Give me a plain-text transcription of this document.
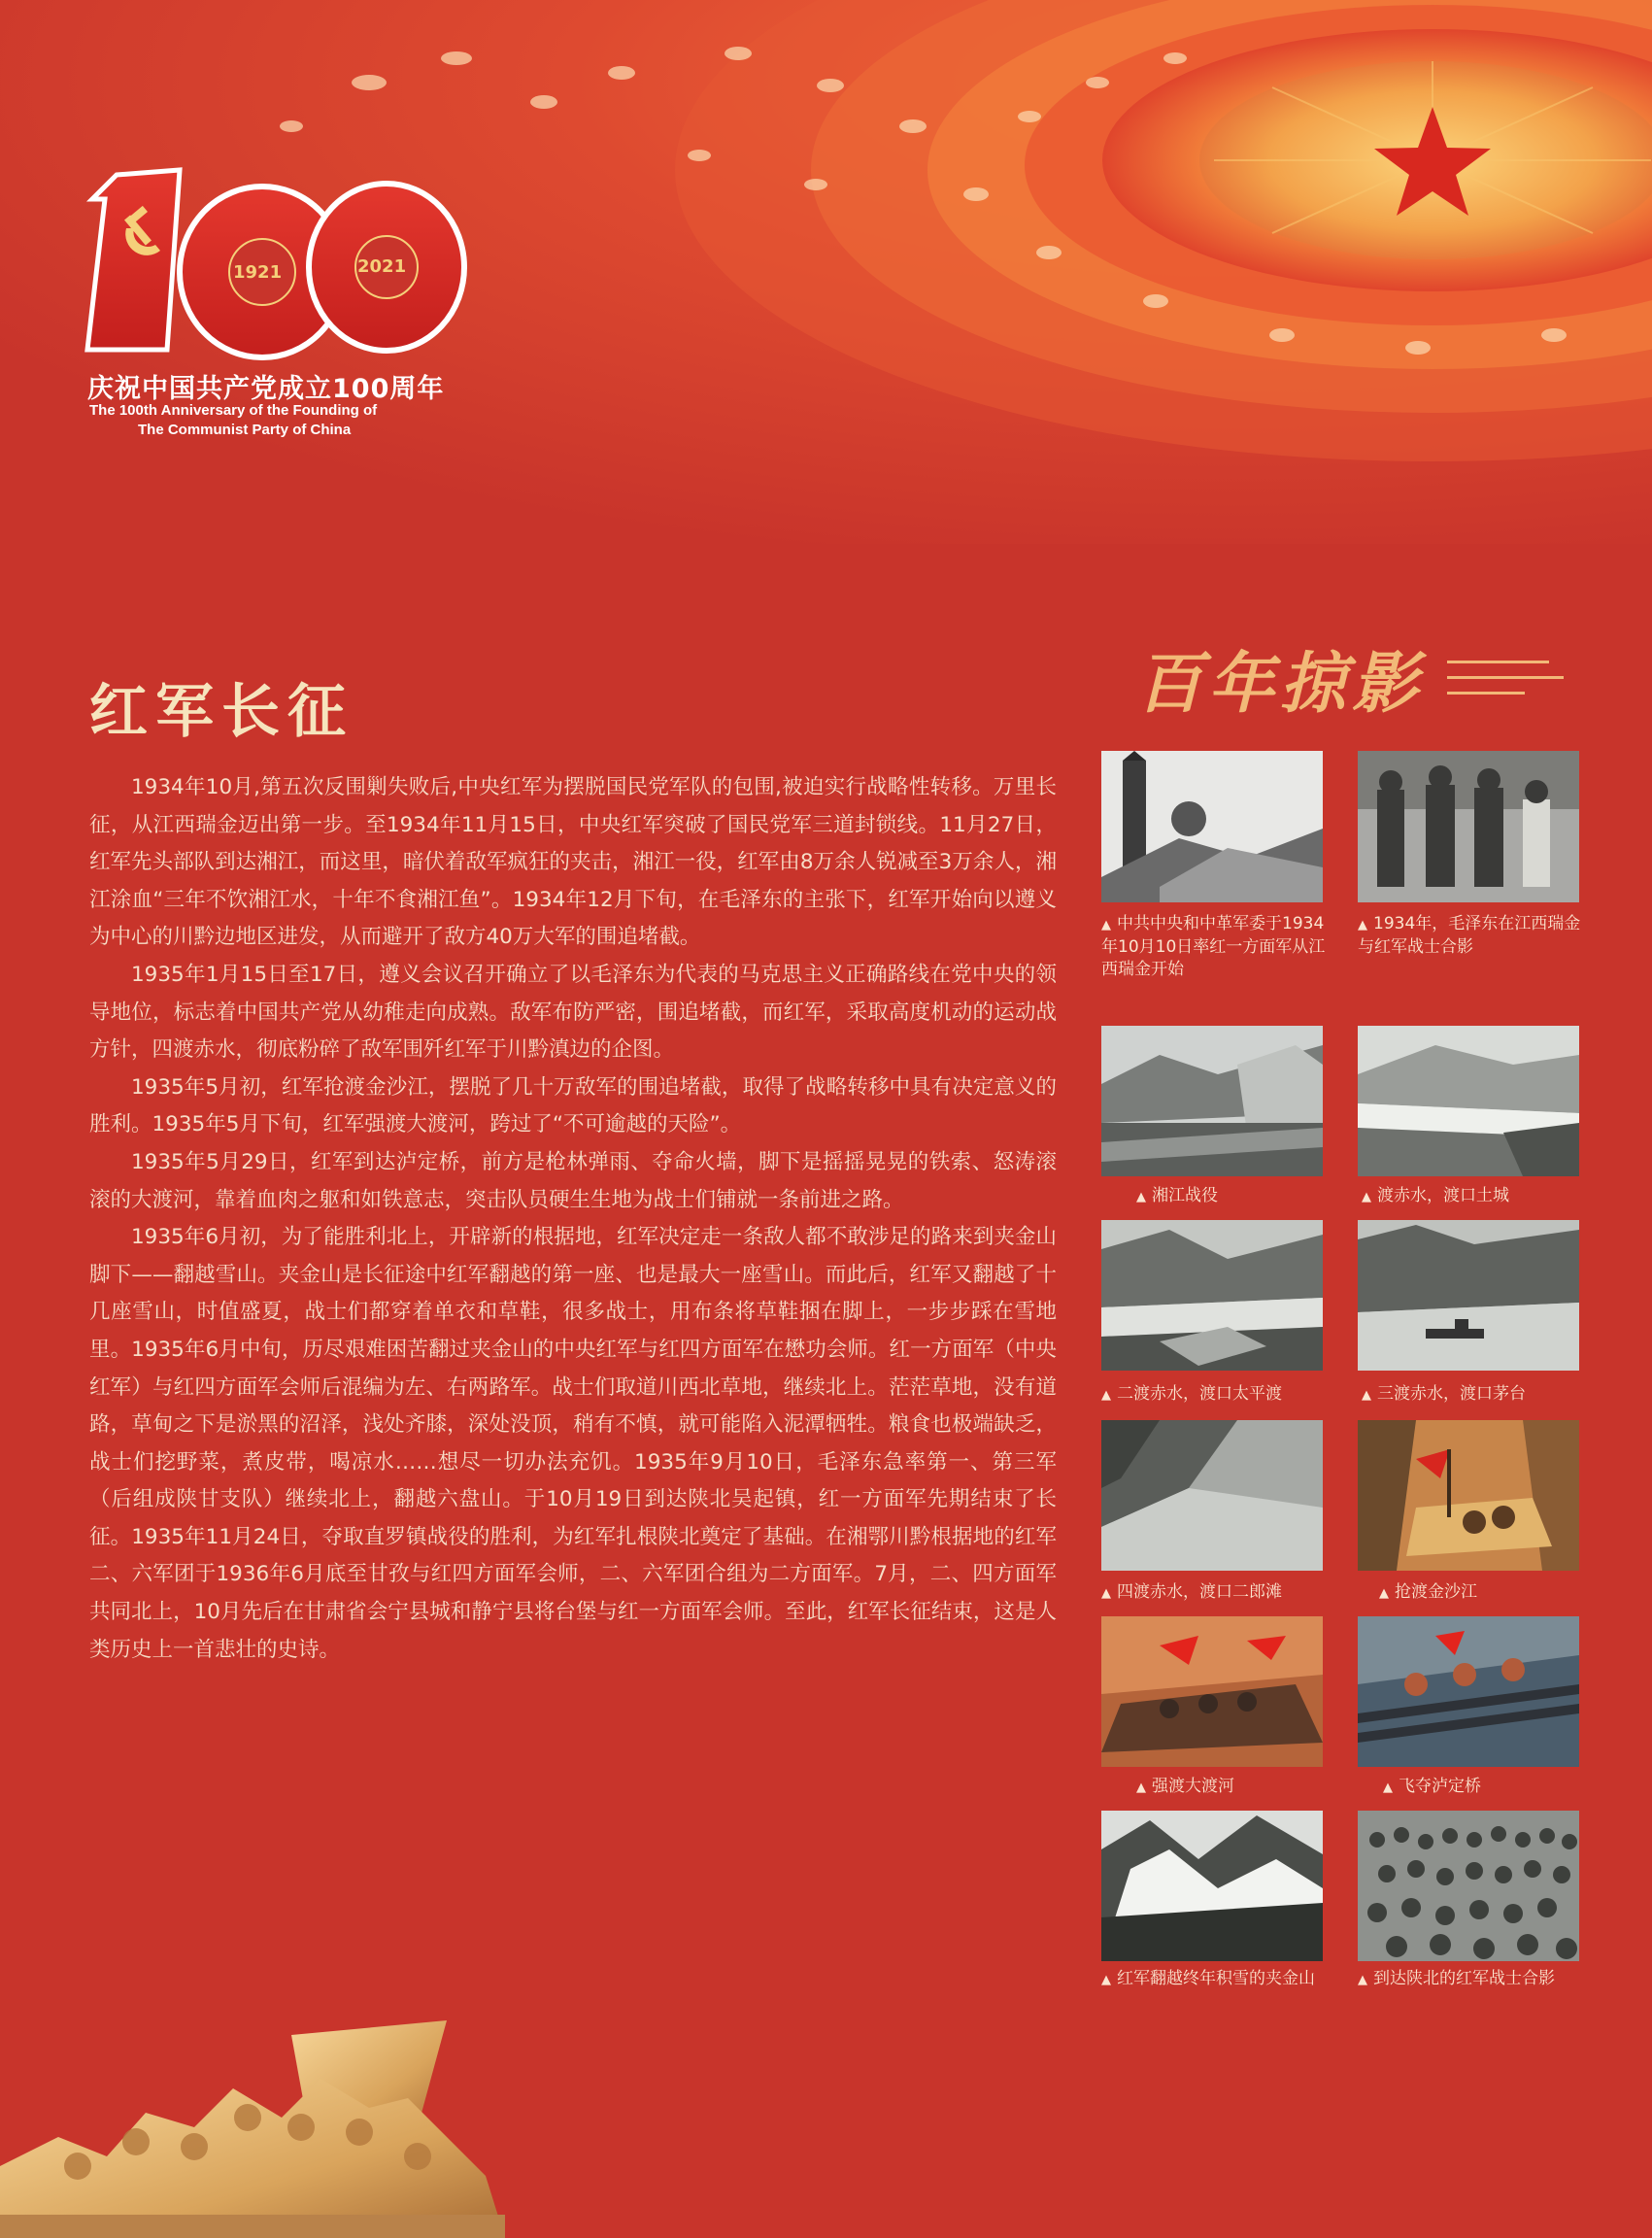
1921	2021
庆祝中国共产党成立100周年
The 100th Anniversary of the Founding of
The Communist Party of China
红军长征

1934年10月,第五次反围剿失败后,中央红军为摆脱国民党军队的包围,被迫实行战略性转移。万里长征，从江西瑞金迈出第一步。至1934年11月15日，中央红军突破了国民党军三道封锁线。11月27日，红军先头部队到达湘江，而这里，暗伏着敌军疯狂的夹击，湘江一役，红军由8万余人锐减至3万余人，湘江涂血“三年不饮湘江水，十年不食湘江鱼”。1934年12月下旬，在毛泽东的主张下，红军开始向以遵义为中心的川黔边地区进发，从而避开了敌方40万大军的围追堵截。

1935年1月15日至17日，遵义会议召开确立了以毛泽东为代表的马克思主义正确路线在党中央的领导地位，标志着中国共产党从幼稚走向成熟。敌军布防严密，围追堵截，而红军，采取高度机动的运动战方针，四渡赤水，彻底粉碎了敌军围歼红军于川黔滇边的企图。

1935年5月初，红军抢渡金沙江，摆脱了几十万敌军的围追堵截，取得了战略转移中具有决定意义的胜利。1935年5月下旬，红军强渡大渡河，跨过了“不可逾越的天险”。

1935年5月29日，红军到达泸定桥，前方是枪林弹雨、夺命火墙，脚下是摇摇晃晃的铁索、怒涛滚滚的大渡河，靠着血肉之躯和如铁意志，突击队员硬生生地为战士们铺就一条前进之路。

1935年6月初，为了能胜利北上，开辟新的根据地，红军决定走一条敌人都不敢涉足的路来到夹金山脚下——翻越雪山。夹金山是长征途中红军翻越的第一座、也是最大一座雪山。而此后，红军又翻越了十几座雪山，时值盛夏，战士们都穿着单衣和草鞋，很多战士，用布条将草鞋捆在脚上，一步步踩在雪地里。1935年6月中旬，历尽艰难困苦翻过夹金山的中央红军与红四方面军在懋功会师。红一方面军（中央红军）与红四方面军会师后混编为左、右两路军。战士们取道川西北草地，继续北上。茫茫草地，没有道路，草甸之下是淤黑的沼泽，浅处齐膝，深处没顶，稍有不慎，就可能陷入泥潭牺牲。粮食也极端缺乏，战士们挖野菜，煮皮带，喝凉水……想尽一切办法充饥。1935年9月10日，毛泽东急率第一、第三军（后组成陕甘支队）继续北上，翻越六盘山。于10月19日到达陕北吴起镇，红一方面军先期结束了长征。1935年11月24日，夺取直罗镇战役的胜利，为红军扎根陕北奠定了基础。在湘鄂川黔根据地的红军二、六军团于1936年6月底至甘孜与红四方面军会师，二、六军团合组为二方面军。7月，二、四方面军共同北上，10月先后在甘肃省会宁县城和静宁县将台堡与红一方面军会师。至此，红军长征结束，这是人类历史上一首悲壮的史诗。

百年掠影
▲ 中共中央和中革军委于1934年10月10日率红一方面军从江西瑞金开始
▲ 1934年，毛泽东在江西瑞金与红军战士合影
▲ 湘江战役	▲ 渡赤水，渡口土城
▲ 二渡赤水，渡口太平渡	▲ 三渡赤水，渡口茅台
▲ 四渡赤水，渡口二郎滩	▲ 抢渡金沙江
▲ 强渡大渡河	▲ 飞夺泸定桥
▲ 红军翻越终年积雪的夹金山	▲ 到达陕北的红军战士合影
